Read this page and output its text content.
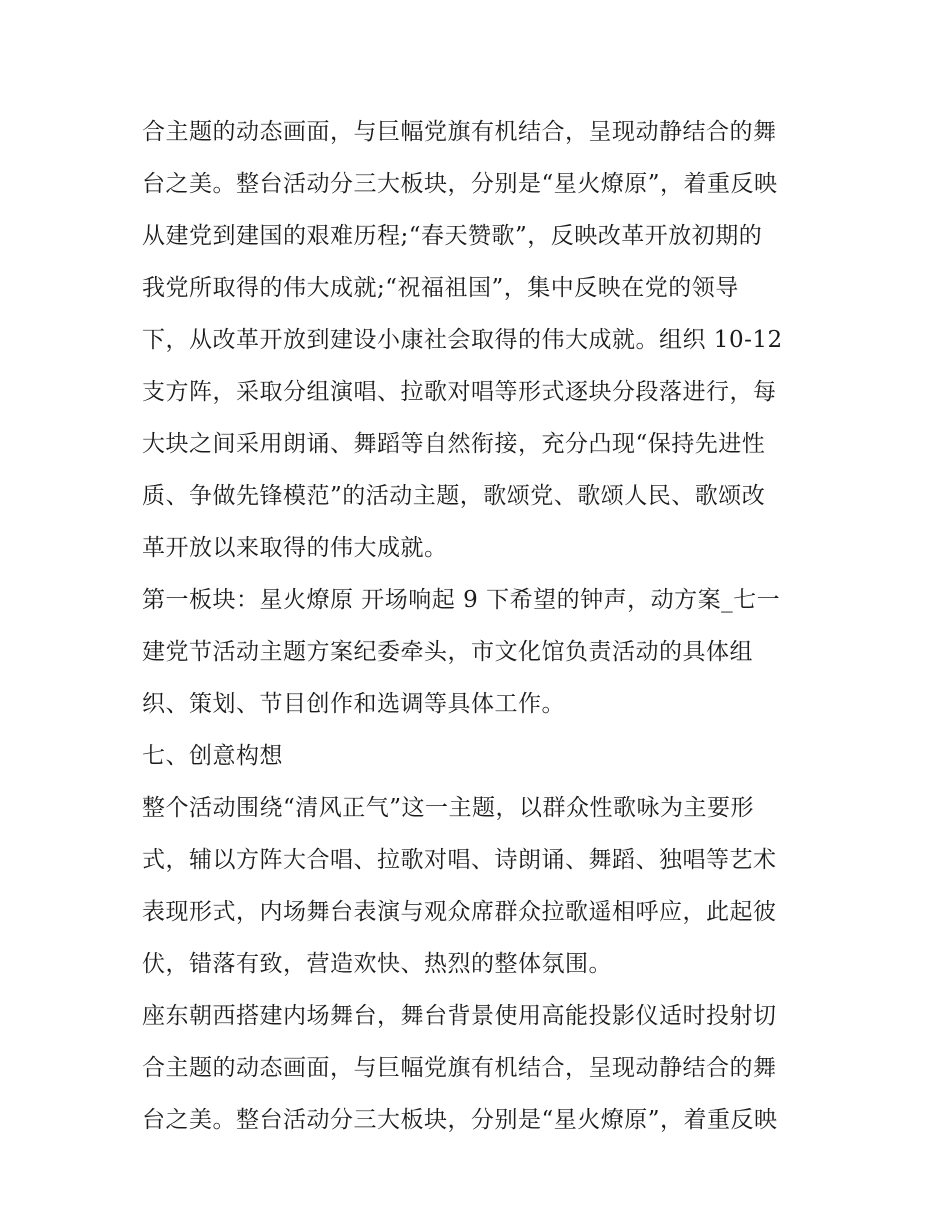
合主题的动态画面，与巨幅党旗有机结合，呈现动静结合的舞
台之美。整台活动分三大板块，分别是“星火燎原”，着重反映
从建党到建国的艰难历程;“春天赞歌”，反映改革开放初期的
我党所取得的伟大成就;“祝福祖国”，集中反映在党的领导
下，从改革开放到建设小康社会取得的伟大成就。组织 10-12
支方阵，采取分组演唱、拉歌对唱等形式逐块分段落进行，每
大块之间采用朗诵、舞蹈等自然衔接，充分凸现“保持先进性
质、争做先锋模范”的活动主题，歌颂党、歌颂人民、歌颂改
革开放以来取得的伟大成就。
第一板块：星火燎原 开场响起 9 下希望的钟声，动方案_七一
建党节活动主题方案纪委牵头，市文化馆负责活动的具体组
织、策划、节目创作和选调等具体工作。
七、创意构想
整个活动围绕“清风正气”这一主题，以群众性歌咏为主要形
式，辅以方阵大合唱、拉歌对唱、诗朗诵、舞蹈、独唱等艺术
表现形式，内场舞台表演与观众席群众拉歌遥相呼应，此起彼
伏，错落有致，营造欢快、热烈的整体氛围。
座东朝西搭建内场舞台，舞台背景使用高能投影仪适时投射切
合主题的动态画面，与巨幅党旗有机结合，呈现动静结合的舞
台之美。整台活动分三大板块，分别是“星火燎原”，着重反映
